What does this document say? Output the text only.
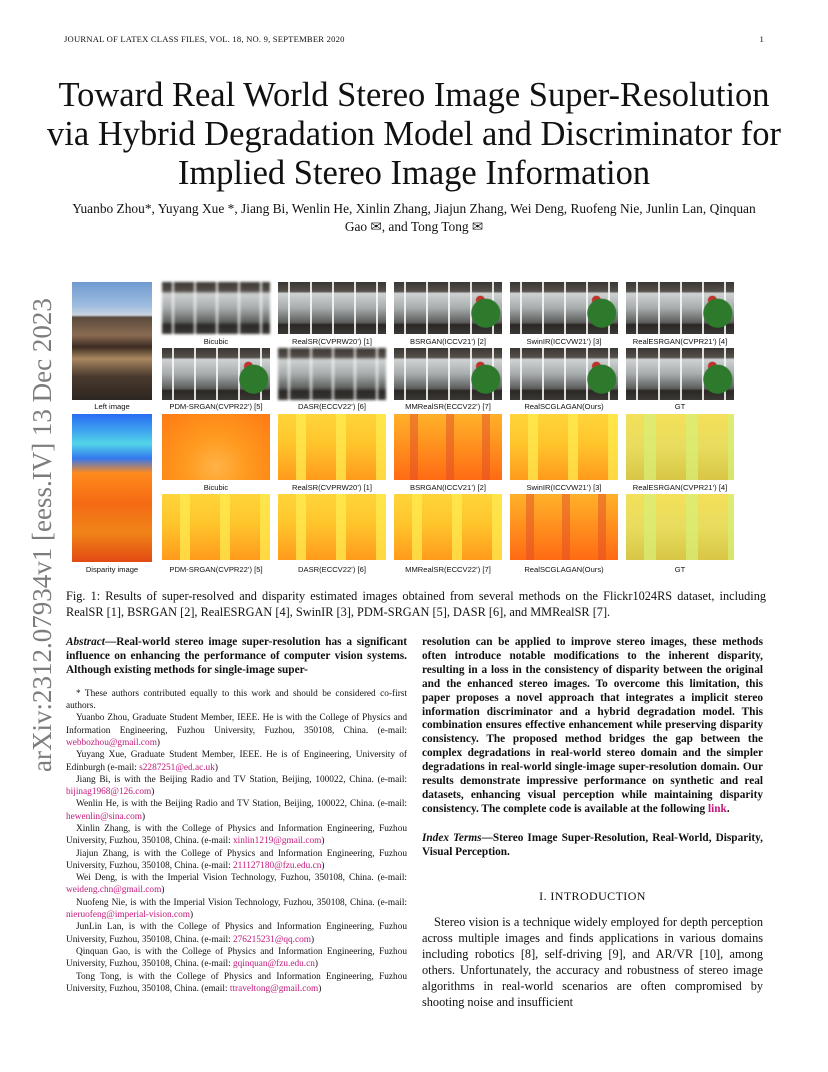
JOURNAL OF LATEX CLASS FILES, VOL. 18, NO. 9, SEPTEMBER 2020	1
arXiv:2312.07934v1 [eess.IV] 13 Dec 2023
Toward Real World Stereo Image Super-Resolution via Hybrid Degradation Model and Discriminator for Implied Stereo Image Information
Yuanbo Zhou*, Yuyang Xue *, Jiang Bi, Wenlin He, Xinlin Zhang, Jiajun Zhang, Wei Deng, Ruofeng Nie, Junlin Lan, Qinquan Gao ✉, and Tong Tong ✉
Left image
Disparity image
Bicubic	RealSR(CVPRW20’) [1]	BSRGAN(ICCV21’) [2]	SwinIR(ICCVW21’) [3]	RealESRGAN(CVPR21’) [4]
PDM-SRGAN(CVPR22’) [5]	DASR(ECCV22’) [6]	MMRealSR(ECCV22’) [7]	RealSCGLAGAN(Ours)	GT
Bicubic	RealSR(CVPRW20’) [1]	BSRGAN(ICCV21’) [2]	SwinIR(ICCVW21’) [3]	RealESRGAN(CVPR21’) [4]
PDM-SRGAN(CVPR22’) [5]	DASR(ECCV22’) [6]	MMRealSR(ECCV22’) [7]	RealSCGLAGAN(Ours)	GT

Fig. 1: Results of super-resolved and disparity estimated images obtained from several methods on the Flickr1024RS dataset, including RealSR [1], BSRGAN [2], RealESRGAN [4], SwinIR [3], PDM-SRGAN [5], DASR [6], and MMRealSR [7].

Abstract—Real-world stereo image super-resolution has a significant influence on enhancing the performance of computer vision systems. Although existing methods for single-image super-

* These authors contributed equally to this work and should be considered co-first authors.

Yuanbo Zhou, Graduate Student Member, IEEE. He is with the College of Physics and Information Engineering, Fuzhou University, Fuzhou, 350108, China. (e-mail: webbozhou@gmail.com)

Yuyang Xue, Graduate Student Member, IEEE. He is of Engineering, University of Edinburgh (e-mail: s2287251@ed.ac.uk)

Jiang Bi, is with the Beijing Radio and TV Station, Beijing, 100022, China. (e-mail: bijinag1968@126.com)

Wenlin He, is with the Beijing Radio and TV Station, Beijing, 100022, China. (e-mail: hewenlin@sina.com)

Xinlin Zhang, is with the College of Physics and Information Engineering, Fuzhou University, Fuzhou, 350108, China. (e-mail: xinlin1219@gmail.com)

Jiajun Zhang, is with the College of Physics and Information Engineering, Fuzhou University, Fuzhou, 350108, China. (e-mail: 211127180@fzu.edu.cn)

Wei Deng, is with the Imperial Vision Technology, Fuzhou, 350108, China. (e-mail: weideng.chn@gmail.com)

Nuofeng Nie, is with the Imperial Vision Technology, Fuzhou, 350108, China. (e-mail: nieruofeng@imperial-vision.com)

JunLin Lan, is with the College of Physics and Information Engineering, Fuzhou University, Fuzhou, 350108, China. (e-mail: 276215231@qq.com)

Qinquan Gao, is with the College of Physics and Information Engineering, Fuzhou University, Fuzhou, 350108, China. (e-mail: gqinquan@fzu.edu.cn)

Tong Tong, is with the College of Physics and Information Engineering, Fuzhou University, Fuzhou, 350108, China. (email: ttraveltong@gmail.com)

resolution can be applied to improve stereo images, these methods often introduce notable modifications to the inherent disparity, resulting in a loss in the consistency of disparity between the original and the enhanced stereo images. To overcome this limitation, this paper proposes a novel approach that integrates a implicit stereo information discriminator and a hybrid degradation model. This combination ensures effective enhancement while preserving disparity consistency. The proposed method bridges the gap between the complex degradations in real-world stereo domain and the simpler degradations in real-world single-image super-resolution domain. Our results demonstrate impressive performance on synthetic and real datasets, enhancing visual perception while maintaining disparity consistency. The complete code is available at the following link.

Index Terms—Stereo Image Super-Resolution, Real-World, Disparity, Visual Perception.

I. INTRODUCTION

Stereo vision is a technique widely employed for depth perception across multiple images and finds applications in various domains including robotics [8], self-driving [9], and AR/VR [10], among others. Unfortunately, the accuracy and robustness of stereo image algorithms in real-world scenarios are often compromised by shooting noise and insufficient
